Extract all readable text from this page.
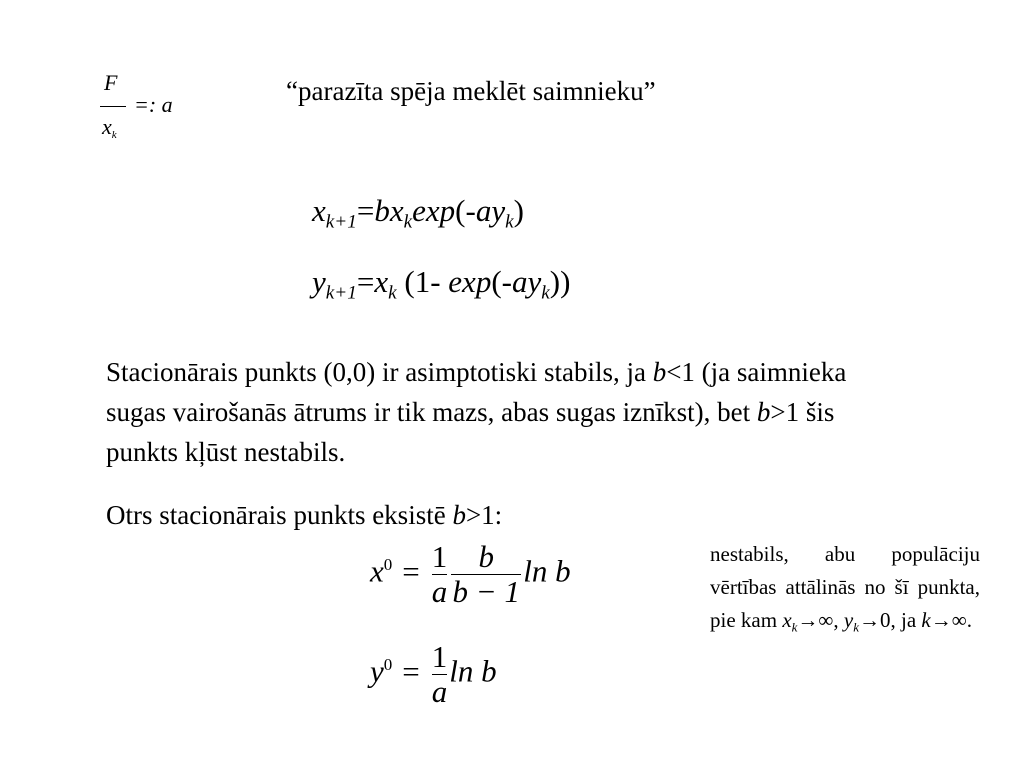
F
$x_k$
=: a	“parazīta spēja meklēt saimnieku”
$x_{k+1}=bx_k\exp(-ay_k)$
$y_{k+1}=x_k$ (1- $\exp(-ay_k)$)
Stacionārais punkts (0,0) ir asimptotiski stabils, ja b<1 (ja saimnieka sugas vairošanās ātrums ir tik mazs, abas sugas iznīkst), bet b>1 šis punkts kļūst nestabils.
Otrs stacionārais punkts eksistē b>1:
$x^0 = \frac{1}{a} \frac{b}{b - 1}$ ln b
$y^0 = \frac{1}{a}$ ln b
nestabils, abu populāciju vērtības attālinās no šī punkta, pie kam $x_k\to\infty$, $y_k\to 0$, ja k→∞.
